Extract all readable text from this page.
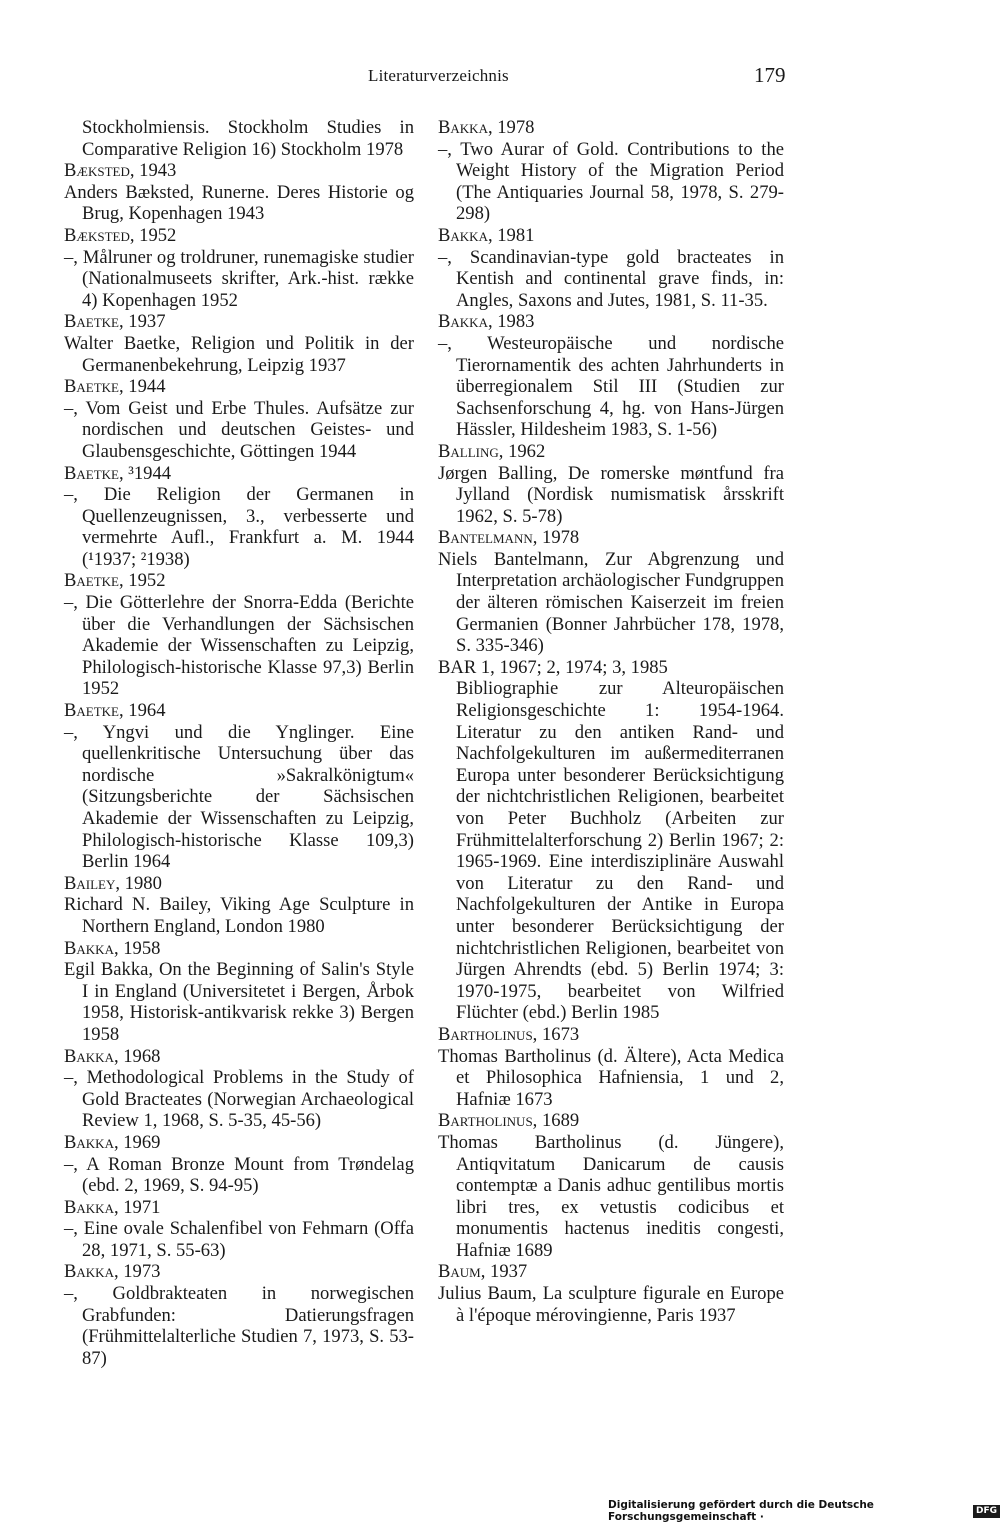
Literaturverzeichnis	179

Stockholmiensis. Stockholm Studies in Comparative Religion 16) Stockholm 1978

Bæksted, 1943

Anders Bæksted, Runerne. Deres Historie og Brug, Kopenhagen 1943

Bæksted, 1952

–, Målruner og troldruner, runemagiske studier (Nationalmuseets skrifter, Ark.-hist. række 4) Kopenhagen 1952

Baetke, 1937

Walter Baetke, Religion und Politik in der Germanenbekehrung, Leipzig 1937

Baetke, 1944

–, Vom Geist und Erbe Thules. Aufsätze zur nordischen und deutschen Geistes- und Glaubensgeschichte, Göttingen 1944

Baetke, ³1944

–, Die Religion der Germanen in Quellenzeugnissen, 3., verbesserte und vermehrte Aufl., Frankfurt a. M. 1944 (¹1937; ²1938)

Baetke, 1952

–, Die Götterlehre der Snorra-Edda (Berichte über die Verhandlungen der Sächsischen Akademie der Wissenschaften zu Leipzig, Philologisch-historische Klasse 97,3) Berlin 1952

Baetke, 1964

–, Yngvi und die Ynglinger. Eine quellenkritische Untersuchung über das nordische »Sakralkönigtum« (Sitzungsberichte der Sächsischen Akademie der Wissenschaften zu Leipzig, Philologisch-historische Klasse 109,3) Berlin 1964

Bailey, 1980

Richard N. Bailey, Viking Age Sculpture in Northern England, London 1980

Bakka, 1958

Egil Bakka, On the Beginning of Salin's Style I in England (Universitetet i Bergen, Årbok 1958, Historisk-antikvarisk rekke 3) Bergen 1958

Bakka, 1968

–, Methodological Problems in the Study of Gold Bracteates (Norwegian Archaeological Review 1, 1968, S. 5-35, 45-56)

Bakka, 1969

–, A Roman Bronze Mount from Trøndelag (ebd. 2, 1969, S. 94-95)

Bakka, 1971

–, Eine ovale Schalenfibel von Fehmarn (Offa 28, 1971, S. 55-63)

Bakka, 1973

–, Goldbrakteaten in norwegischen Grabfunden: Datierungsfragen (Frühmittelalterliche Studien 7, 1973, S. 53-87)

Bakka, 1978

–, Two Aurar of Gold. Contributions to the Weight History of the Migration Period (The Antiquaries Journal 58, 1978, S. 279-298)

Bakka, 1981

–, Scandinavian-type gold bracteates in Kentish and continental grave finds, in: Angles, Saxons and Jutes, 1981, S. 11-35.

Bakka, 1983

–, Westeuropäische und nordische Tierornamentik des achten Jahrhunderts in überregionalem Stil III (Studien zur Sachsenforschung 4, hg. von Hans-Jürgen Hässler, Hildesheim 1983, S. 1-56)

Balling, 1962

Jørgen Balling, De romerske møntfund fra Jylland (Nordisk numismatisk årsskrift 1962, S. 5-78)

Bantelmann, 1978

Niels Bantelmann, Zur Abgrenzung und Interpretation archäologischer Fundgruppen der älteren römischen Kaiserzeit im freien Germanien (Bonner Jahrbücher 178, 1978, S. 335-346)

BAR 1, 1967; 2, 1974; 3, 1985

Bibliographie zur Alteuropäischen Religionsgeschichte 1: 1954-1964. Literatur zu den antiken Rand- und Nachfolgekulturen im außermediterranen Europa unter besonderer Berücksichtigung der nichtchristlichen Religionen, bearbeitet von Peter Buchholz (Arbeiten zur Frühmittelalterforschung 2) Berlin 1967; 2: 1965-1969. Eine interdisziplinäre Auswahl von Literatur zu den Rand- und Nachfolgekulturen der Antike in Europa unter besonderer Berücksichtigung der nichtchristlichen Religionen, bearbeitet von Jürgen Ahrendts (ebd. 5) Berlin 1974; 3: 1970-1975, bearbeitet von Wilfried Flüchter (ebd.) Berlin 1985

Bartholinus, 1673

Thomas Bartholinus (d. Ältere), Acta Medica et Philosophica Hafniensia, 1 und 2, Hafniæ 1673

Bartholinus, 1689

Thomas Bartholinus (d. Jüngere), Antiqvitatum Danicarum de causis contemptæ a Danis adhuc gentilibus mortis libri tres, ex vetustis codicibus et monumentis hactenus ineditis congesti, Hafniæ 1689

Baum, 1937

Julius Baum, La sculpture figurale en Europe à l'époque mérovingienne, Paris 1937

Digitalisierung gefördert durch die Deutsche Forschungsgemeinschaft ·
DFG
